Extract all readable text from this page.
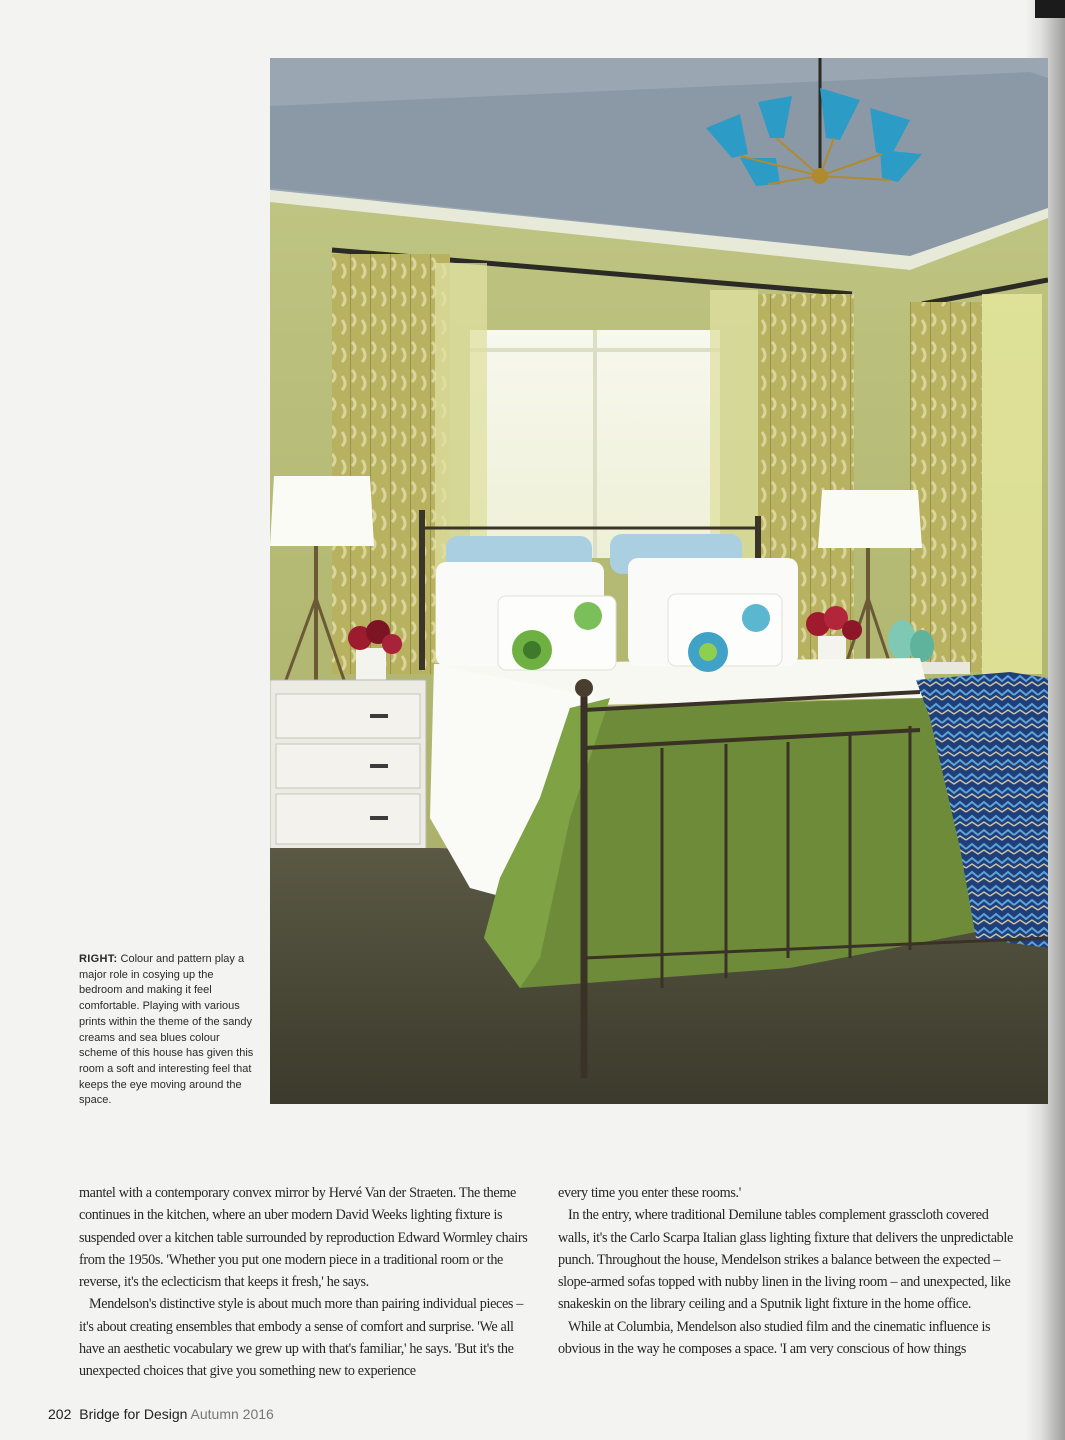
RIGHT: Colour and pattern play a major role in cosying up the bedroom and making it feel comfortable. Playing with various prints within the theme of the sandy creams and sea blues colour scheme of this house has given this room a soft and interesting feel that keeps the eye moving around the space.

mantel with a contemporary convex mirror by Hervé Van der Straeten. The theme continues in the kitchen, where an uber modern David Weeks lighting fixture is suspended over a kitchen table surrounded by reproduction Edward Wormley chairs from the 1950s. 'Whether you put one modern piece in a traditional room or the reverse, it's the eclecticism that keeps it fresh,' he says.

Mendelson's distinctive style is about much more than pairing individual pieces – it's about creating ensembles that embody a sense of comfort and surprise. 'We all have an aesthetic vocabulary we grew up with that's familiar,' he says. 'But it's the unexpected choices that give you something new to experience

every time you enter these rooms.'

In the entry, where traditional Demilune tables complement grasscloth covered walls, it's the Carlo Scarpa Italian glass lighting fixture that delivers the unpredictable punch. Throughout the house, Mendelson strikes a balance between the expected – slope-armed sofas topped with nubby linen in the living room – and unexpected, like snakeskin on the library ceiling and a Sputnik light fixture in the home office.

While at Columbia, Mendelson also studied film and the cinematic influence is obvious in the way he composes a space. 'I am very conscious of how things

202 Bridge for Design Autumn 2016
